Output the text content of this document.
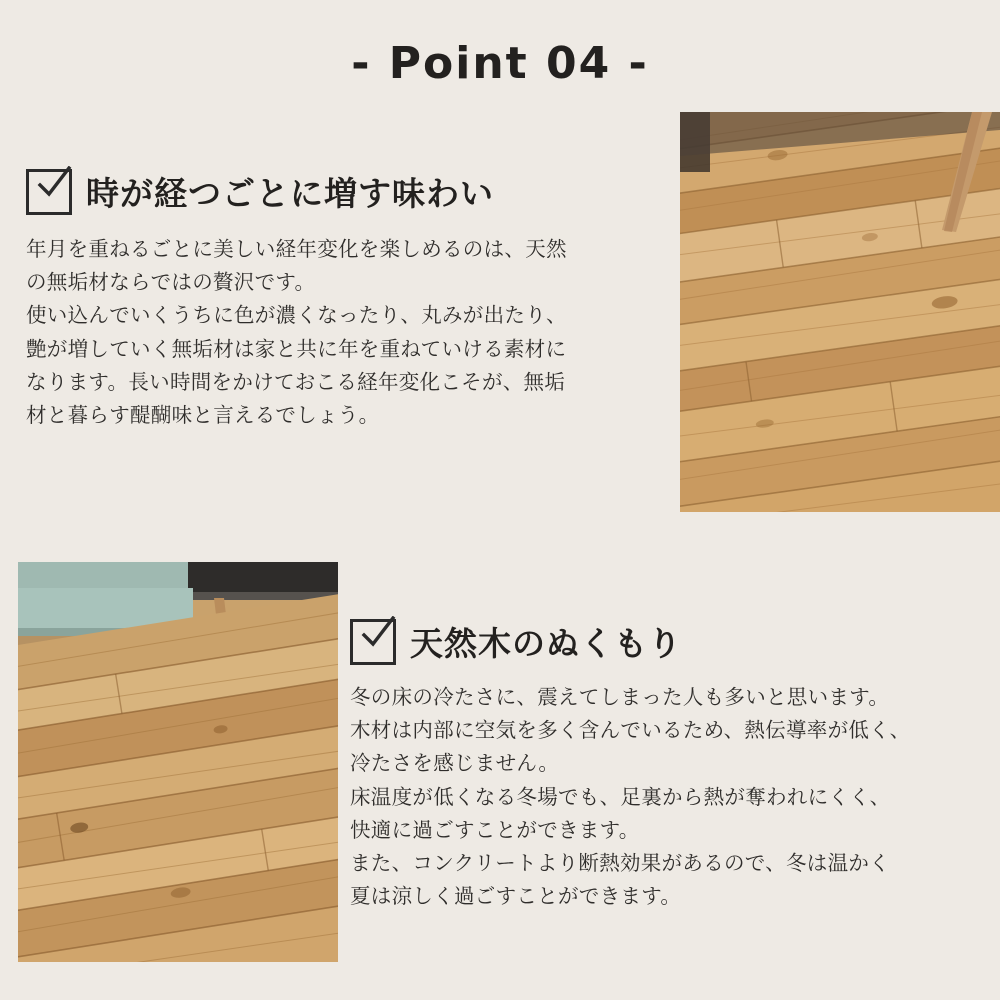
- Point 04 -
時が経つごとに増す味わい

年月を重ねるごとに美しい経年変化を楽しめるのは、天然

の無垢材ならではの贅沢です。

使い込んでいくうちに色が濃くなったり、丸みが出たり、

艶が増していく無垢材は家と共に年を重ねていける素材に

なります。長い時間をかけておこる経年変化こそが、無垢

材と暮らす醍醐味と言えるでしょう。

天然木のぬくもり

冬の床の冷たさに、震えてしまった人も多いと思います。

木材は内部に空気を多く含んでいるため、熱伝導率が低く、

冷たさを感じません。

床温度が低くなる冬場でも、足裏から熱が奪われにくく、

快適に過ごすことができます。

また、コンクリートより断熱効果があるので、冬は温かく

夏は涼しく過ごすことができます。
